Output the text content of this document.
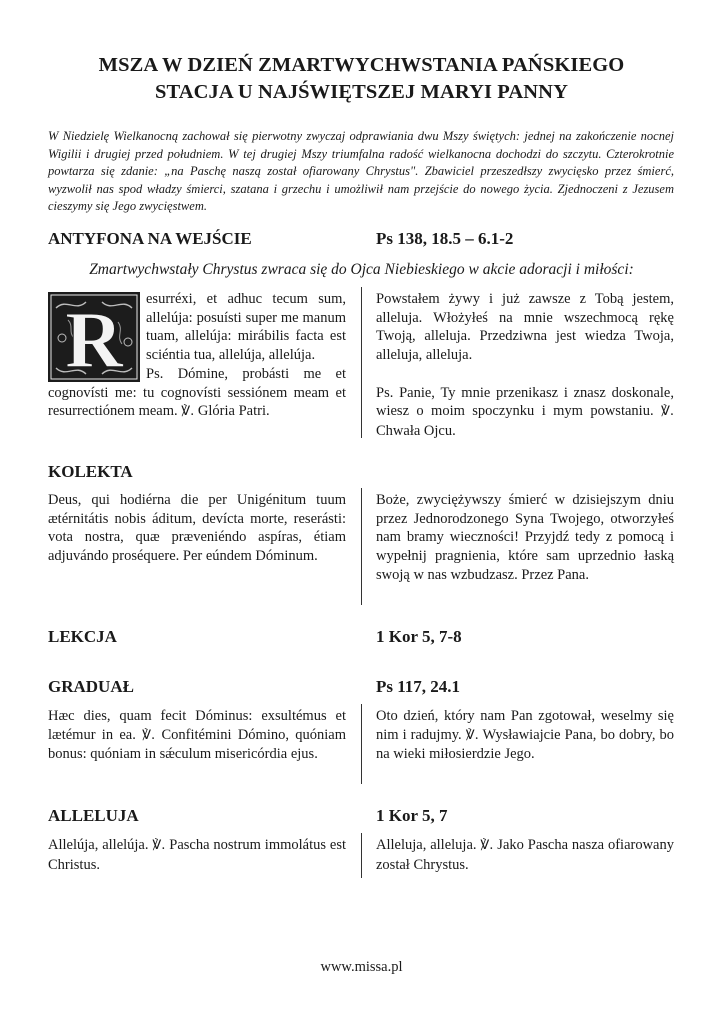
MSZA W DZIEŃ ZMARTWYCHWSTANIA PAŃSKIEGO
STACJA U NAJŚWIĘTSZEJ MARYI PANNY
W Niedzielę Wielkanocną zachował się pierwotny zwyczaj odprawiania dwu Mszy świętych: jednej na zakończenie nocnej Wigilii i drugiej przed południem. W tej drugiej Mszy triumfalna radość wielkanocna dochodzi do szczytu. Czterokrotnie powtarza się zdanie: „na Paschę naszą został ofiarowany Chrystus". Zbawiciel przeszedłszy zwycięsko przez śmierć, wyzwolił nas spod władzy śmierci, szatana i grzechu i umożliwił nam przejście do nowego życia. Zjednoczeni z Jezusem cieszymy się Jego zwycięstwem.
ANTYFONA NA WEJŚCIE	Ps 138, 18.5 – 6.1-2
Zmartwychwstały Chrystus zwraca się do Ojca Niebieskiego w akcie adoracji i miłości:
R esurréxi, et adhuc tecum sum, allelúja: posuísti super me manum tuam, allelúja: mirábilis facta est sciéntia tua, allelúja, allelúja.
Ps. Dómine, probásti me et cognovísti me: tu cognovísti sessiónem meam et resurrectiónem meam. ℣. Glória Patri.
Powstałem żywy i już zawsze z Tobą jestem, alleluja. Włożyłeś na mnie wszechmocą rękę Twoją, alleluja. Przedziwna jest wiedza Twoja, alleluja, alleluja.

Ps. Panie, Ty mnie przenikasz i znasz doskonale, wiesz o moim spoczynku i mym powstaniu. ℣. Chwała Ojcu.
KOLEKTA
Deus, qui hodiérna die per Unigénitum tuum ætérnitátis nobis áditum, devícta morte, reserásti: vota nostra, quæ præveniéndo aspíras, étiam adjuvándo proséquere. Per eúndem Dóminum.
Boże, zwyciężywszy śmierć w dzisiejszym dniu przez Jednorodzonego Syna Twojego, otworzyłeś nam bramy wieczności! Przyjdź tedy z pomocą i wypełnij pragnienia, które sam uprzednio łaską swoją w nas wzbudzasz. Przez Pana.
LEKCJA	1 Kor 5, 7-8
GRADUAŁ	Ps 117, 24.1
Hæc dies, quam fecit Dóminus: exsultémus et lætémur in ea. ℣. Confitémini Dómino, quóniam bonus: quóniam in sǽculum misericórdia ejus.
Oto dzień, który nam Pan zgotował, weselmy się nim i radujmy. ℣. Wysławiajcie Pana, bo dobry, bo na wieki miłosierdzie Jego.
ALLELUJA	1 Kor 5, 7
Allelúja, allelúja. ℣. Pascha nostrum immolátus est Christus.
Alleluja, alleluja. ℣. Jako Pascha nasza ofiarowany został Chrystus.
www.missa.pl
